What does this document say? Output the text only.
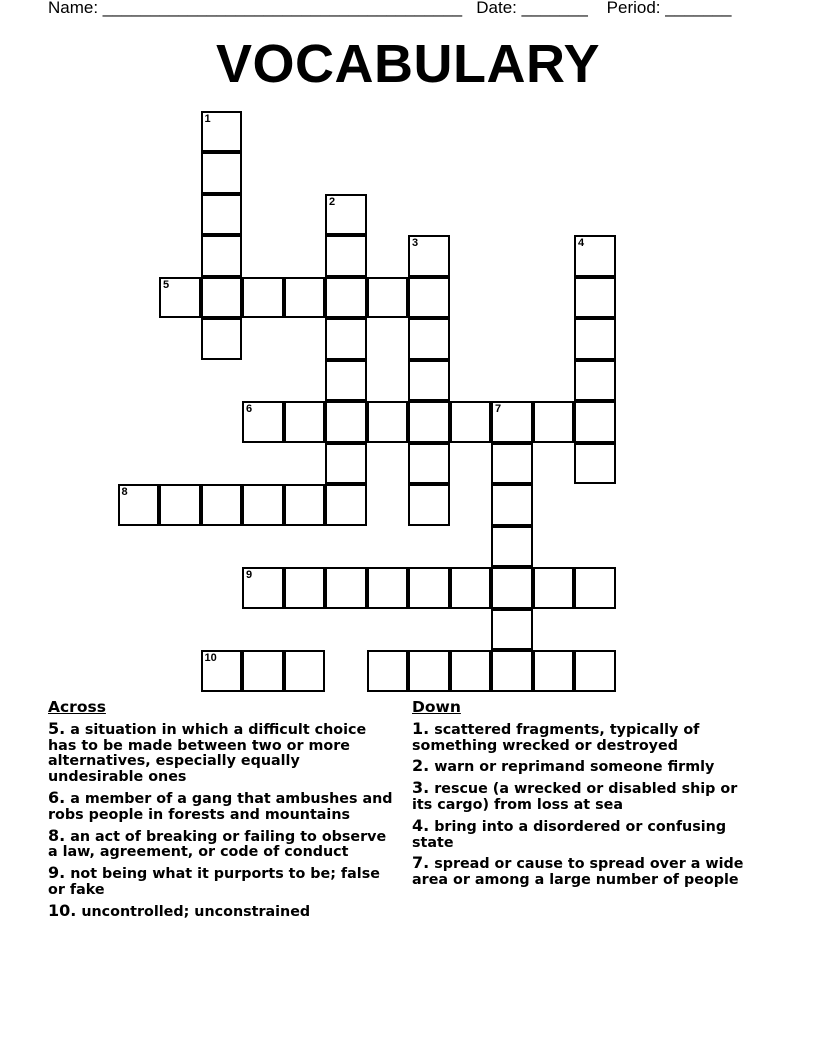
Name: ______________________________________   Date: _______    Period: _______
VOCABULARY
1
2
3	4
5
6	7
8
9
10
Across
5. a situation in which a difficult choice has to be made between two or more alternatives, especially equally undesirable ones
6. a member of a gang that ambushes and robs people in forests and mountains
8. an act of breaking or failing to observe a law, agreement, or code of conduct
9. not being what it purports to be; false or fake
10. uncontrolled; unconstrained
Down
1. scattered fragments, typically of something wrecked or destroyed
2. warn or reprimand someone firmly
3. rescue (a wrecked or disabled ship or its cargo) from loss at sea
4. bring into a disordered or confusing state
7. spread or cause to spread over a wide area or among a large number of people
